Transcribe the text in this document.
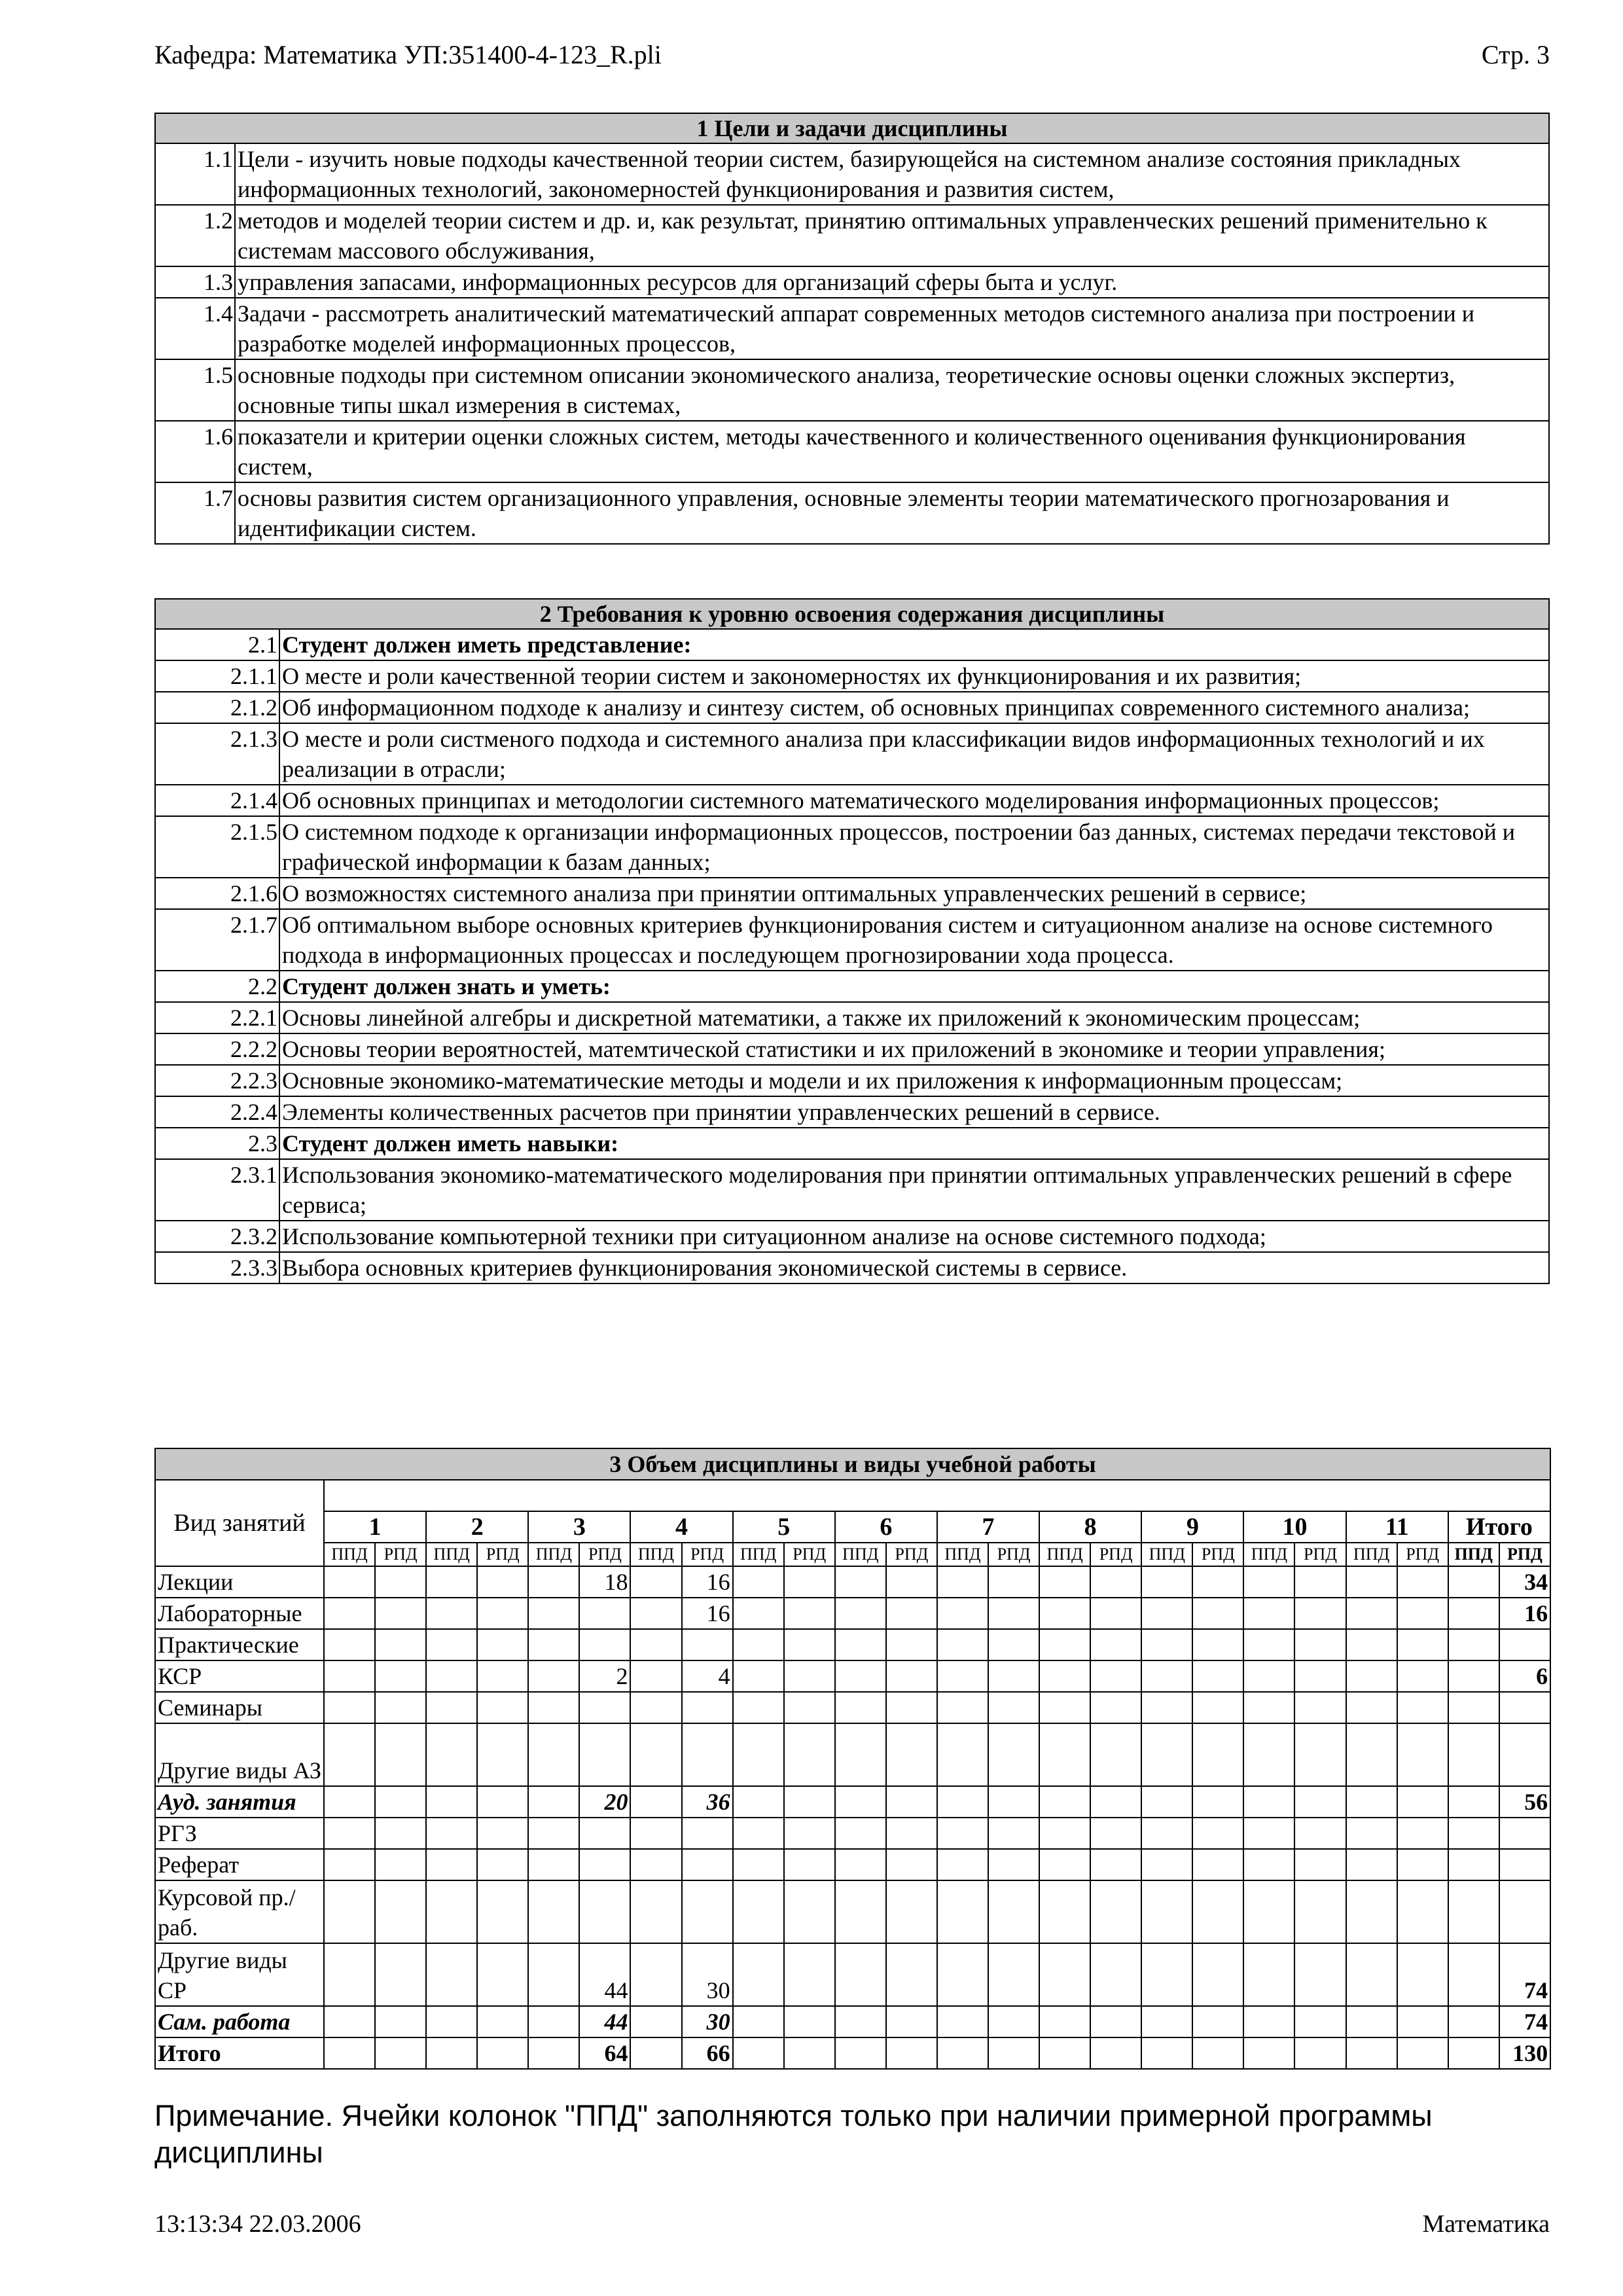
Кафедра: Математика УП:351400-4-123_R.pli	Стр. 3
1 Цели и задачи дисциплины	
1.1	Цели - изучить новые подходы качественной теории систем, базирующейся на системном анализе состояния прикладных информационных технологий, закономерностей функционирования и развития систем,
1.2	методов и моделей теории систем и др. и, как результат, принятию оптимальных управленческих решений применительно к системам массового обслуживания,
1.3	управления запасами, информационных ресурсов для организаций сферы быта и услуг.
1.4	Задачи - рассмотреть аналитический математический аппарат современных методов системного анализа при построении и разработке моделей информационных процессов,
1.5	основные подходы при системном описании экономического анализа, теоретические основы оценки сложных экспертиз, основные типы шкал измерения в системах,
1.6	показатели и критерии оценки сложных систем, методы качественного и количественного оценивания функционирования систем,
1.7	основы развития систем организационного управления, основные элементы теории математического прогнозарования и идентификации систем.
2 Требования к уровню освоения содержания дисциплины	
2.1	Студент должен иметь представление:
2.1.1	О месте и роли качественной теории систем и закономерностях их функционирования и их развития;
2.1.2	Об информационном подходе к анализу и синтезу систем, об основных принципах современного системного анализа;
2.1.3	О месте и роли систменого подхода и системного анализа при классификации видов информационных технологий и их реализации в отрасли;
2.1.4	Об основных принципах и методологии системного математического моделирования информационных процессов;
2.1.5	О системном подходе к организации информационных процессов, построении баз данных, системах передачи текстовой и графической информации к базам данных;
2.1.6	О возможностях системного анализа при принятии оптимальных управленческих решений в сервисе;
2.1.7	Об оптимальном выборе основных критериев функционирования систем и ситуационном анализе на основе системного подхода в информационных процессах и последующем прогнозировании хода процесса.
2.2	Студент должен знать и уметь:
2.2.1	Основы линейной алгебры и дискретной математики, а также их приложений к экономическим процессам;
2.2.2	Основы теории вероятностей, матемтической статистики и их приложений в экономике и теории управления;
2.2.3	Основные экономико-математические методы и модели и их приложения к информационным процессам;
2.2.4	Элементы количественных расчетов при принятии управленческих решений в сервисе.
2.3	Студент должен иметь навыки:
2.3.1	Использования экономико-математического моделирования при принятии оптимальных управленческих решений в сфере сервиса;
2.3.2	Использование компьютерной техники при ситуационном анализе на основе системного подхода;
2.3.3	Выбора основных критериев функционирования экономической системы в сервисе.
3 Объем дисциплины и виды учебной работы																								
Вид занятий																								
	1		2		3		4		5		6		7		8		9		10		11		Итого	
	ППД	РПД	ППД	РПД	ППД	РПД	ППД	РПД	ППД	РПД	ППД	РПД	ППД	РПД	ППД	РПД	ППД	РПД	ППД	РПД	ППД	РПД	ППД	РПД
Лекции						18		16																34
Лабораторные								16																16
Практические																								
КСР						2		4																6
Семинары																								
Другие виды АЗ																								
Ауд. занятия						20		36																56
РГЗ																								
Реферат																								
Курсовой пр./раб.																								
Другие виды СР						44		30																74
Сам. работа						44		30																74
Итого						64		66																130
Примечание. Ячейки колонок "ППД" заполняются только при наличии примерной программы дисциплины
13:13:34 22.03.2006	Математика
